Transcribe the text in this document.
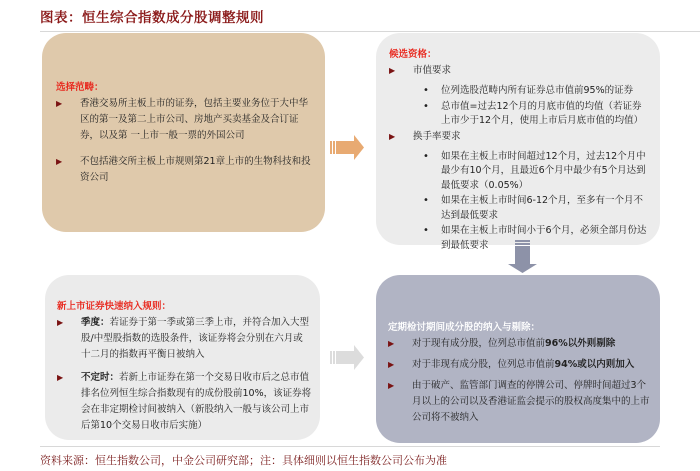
图表：恒生综合指数成分股调整规则
选择范畴：
▶	香港交易所主板上市的证券，包括主要业务位于大中华区的第一及第二上市公司、房地产买卖基金及合订证券，以及第 一上市一般一票的外国公司
▶	不包括港交所主板上市规则第21章上市的生物科技和投资公司
候选资格：
▶	市值要求
•	位列选股范畴内所有证券总市值前95%的证券
•	总市值=过去12个月的月底市值的均值（若证券上市少于12个月，使用上市后月底市值的均值）
▶	换手率要求
•	如果在主板上市时间超过12个月，过去12个月中最少有10个月，且最近6个月中最少有5个月达到最低要求（0.05%）
•	如果在主板上市时间6-12个月，至多有一个月不达到最低要求
•	如果在主板上市时间小于6个月，必须全部月份达到最低要求
新上市证券快速纳入规则：
▶	季度：若证券于第一季或第三季上市，并符合加入大型股/中型股指数的选股条件，该证券将会分别在六月或十二月的指数再平衡日被纳入
▶	不定时：若新上市证券在第一个交易日收市后之总市值排名位列恒生综合指数现有的成份股前10%，该证券将会在非定期检讨间被纳入（新股纳入一般与该公司上市后第10个交易日收市后实施）
定期检讨期间成分股的纳入与剔除：
▶	对于现有成分股，位列总市值前96%以外则剔除
▶	对于非现有成分股，位列总市值前94%或以内则加入
▶	由于破产、监管部门调查的停牌公司、停牌时间超过3个月以上的公司以及香港证监会提示的股权高度集中的上市公司将不被纳入
资料来源：恒生指数公司，中金公司研究部；注：具体细则以恒生指数公司公布为准
